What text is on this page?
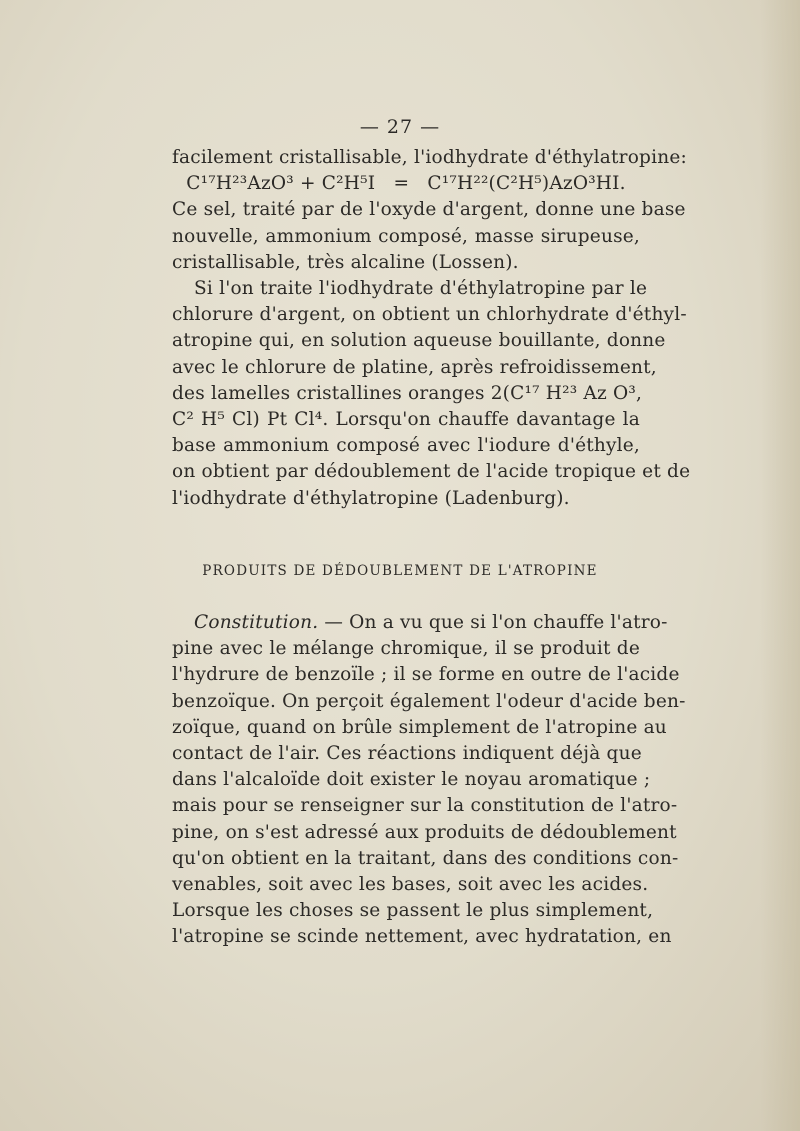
— 27 —
facilement cristallisable, l'iodhydrate d'éthylatropine:
C¹⁷H²³AzO³ + C²H⁵I = C¹⁷H²²(C²H⁵)AzO³HI.
Ce sel, traité par de l'oxyde d'argent, donne une base
nouvelle, ammonium composé, masse sirupeuse,
cristallisable, très alcaline (Lossen).
Si l'on traite l'iodhydrate d'éthylatropine par le
chlorure d'argent, on obtient un chlorhydrate d'éthyl-
atropine qui, en solution aqueuse bouillante, donne
avec le chlorure de platine, après refroidissement,
des lamelles cristallines oranges 2(C¹⁷ H²³ Az O³,
C² H⁵ Cl) Pt Cl⁴. Lorsqu'on chauffe davantage la
base ammonium composé avec l'iodure d'éthyle,
on obtient par dédoublement de l'acide tropique et de
l'iodhydrate d'éthylatropine (Ladenburg).
PRODUITS DE DÉDOUBLEMENT DE L'ATROPINE
Constitution. — On a vu que si l'on chauffe l'atro-
pine avec le mélange chromique, il se produit de
l'hydrure de benzoïle ; il se forme en outre de l'acide
benzoïque. On perçoit également l'odeur d'acide ben-
zoïque, quand on brûle simplement de l'atropine au
contact de l'air. Ces réactions indiquent déjà que
dans l'alcaloïde doit exister le noyau aromatique ;
mais pour se renseigner sur la constitution de l'atro-
pine, on s'est adressé aux produits de dédoublement
qu'on obtient en la traitant, dans des conditions con-
venables, soit avec les bases, soit avec les acides.
Lorsque les choses se passent le plus simplement,
l'atropine se scinde nettement, avec hydratation, en
